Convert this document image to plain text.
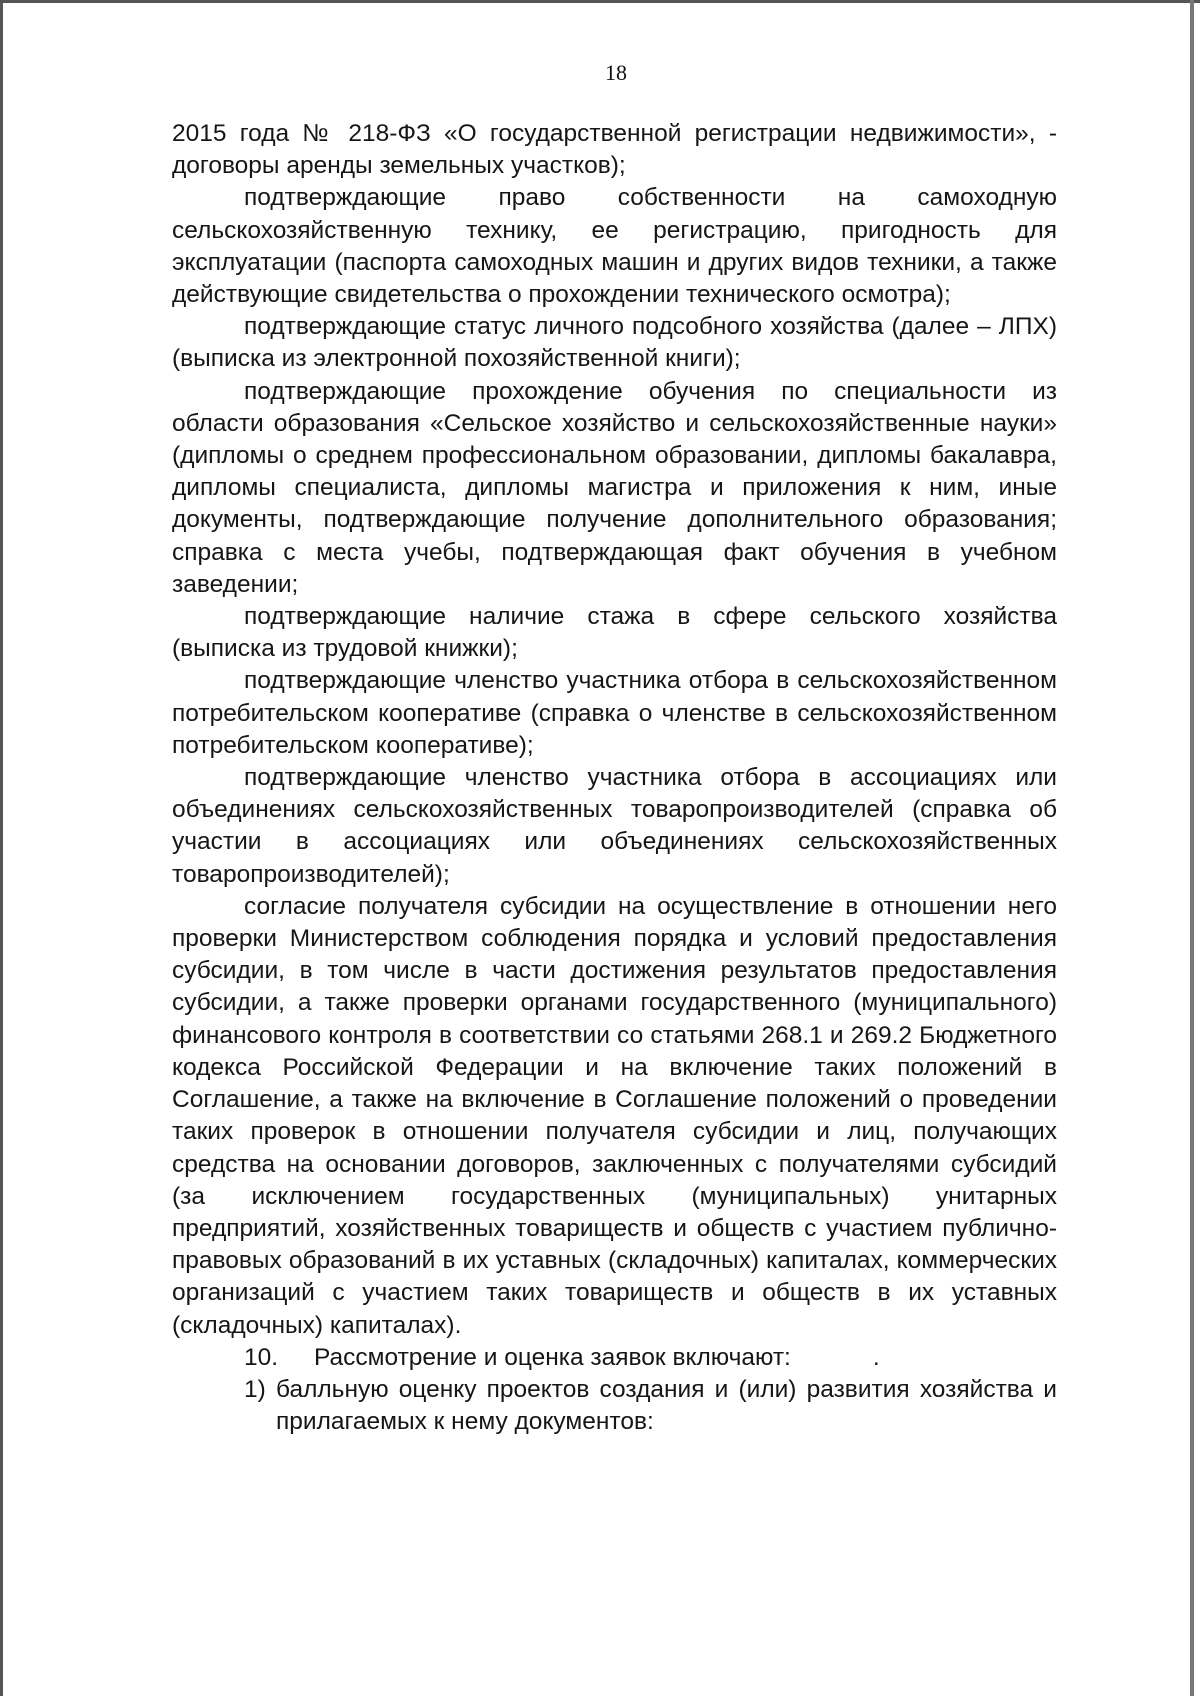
18

2015 года № 218-ФЗ «О государственной регистрации недвижимости», - договоры аренды земельных участков);

подтверждающие право собственности на самоходную сельскохозяйственную технику, ее регистрацию, пригодность для эксплуатации (паспорта самоходных машин и других видов техники, а также действующие свидетельства о прохождении технического осмотра);

подтверждающие статус личного подсобного хозяйства (далее – ЛПХ) (выписка из электронной похозяйственной книги);

подтверждающие прохождение обучения по специальности из области образования «Сельское хозяйство и сельскохозяйственные науки» (дипломы о среднем профессиональном образовании, дипломы бакалавра, дипломы специалиста, дипломы магистра и приложения к ним, иные документы, подтверждающие получение дополнительного образования; справка с места учебы, подтверждающая факт обучения в учебном заведении;

подтверждающие наличие стажа в сфере сельского хозяйства (выписка из трудовой книжки);

подтверждающие членство участника отбора в сельскохозяйственном потребительском кооперативе (справка о членстве в сельскохозяйственном потребительском кооперативе);

подтверждающие членство участника отбора в ассоциациях или объединениях сельскохозяйственных товаропроизводителей (справка об участии в ассоциациях или объединениях сельскохозяйственных товаропроизводителей);

согласие получателя субсидии на осуществление в отношении него проверки Министерством соблюдения порядка и условий предоставления субсидии, в том числе в части достижения результатов предоставления субсидии, а также проверки органами государственного (муниципального) финансового контроля в соответствии со статьями 268.1 и 269.2 Бюджетного кодекса Российской Федерации и на включение таких положений в Соглашение, а также на включение в Соглашение положений о проведении таких проверок в отношении получателя субсидии и лиц, получающих средства на основании договоров, заключенных с получателями субсидий (за исключением государственных (муниципальных) унитарных предприятий, хозяйственных товариществ и обществ с участием публично-правовых образований в их уставных (складочных) капиталах, коммерческих организаций с участием таких товариществ и обществ в их уставных (складочных) капиталах).

10. Рассмотрение и оценка заявок включают:	.

1) балльную оценку проектов создания и (или) развития хозяйства и прилагаемых к нему документов:
